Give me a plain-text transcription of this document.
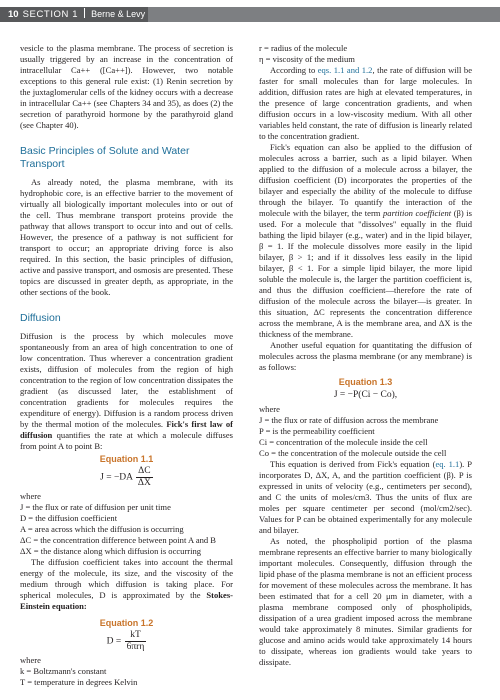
10 SECTION 1 Berne & Levy Physiology

vesicle to the plasma membrane. The process of secretion is usually triggered by an increase in the concentration of intracellular Ca++ ([Ca++]). However, two notable exceptions to this general rule exist: (1) Renin secretion by the juxtaglomerular cells of the kidney occurs with a decrease in intracellular Ca++ (see Chapters 34 and 35), as does (2) the secretion of parathyroid hormone by the parathyroid gland (see Chapter 40).

Basic Principles of Solute and Water Transport

As already noted, the plasma membrane, with its hydrophobic core, is an effective barrier to the movement of virtually all biologically important molecules into or out of the cell. Thus membrane transport proteins provide the pathway that allows transport to occur into and out of cells. However, the presence of a pathway is not sufficient for transport to occur; an appropriate driving force is also required. In this section, the basic principles of diffusion, active and passive transport, and osmosis are presented. These topics are discussed in greater depth, as appropriate, in the other sections of the book.

Diffusion

Diffusion is the process by which molecules move spontaneously from an area of high concentration to one of low concentration. Thus wherever a concentration gradient exists, diffusion of molecules from the region of high concentration to the region of low concentration dissipates the gradient (as discussed later, the establishment of concentration gradients for molecules requires the expenditure of energy). Diffusion is a random process driven by the thermal motion of the molecules. Fick's first law of diffusion quantifies the rate at which a molecule diffuses from point A to point B:

Equation 1.1
$J = -DA \frac{\Delta C}{\Delta X}$

where

J = the flux or rate of diffusion per unit time

D = the diffusion coefficient

A = area across which the diffusion is occurring

ΔC = the concentration difference between point A and B

ΔX = the distance along which diffusion is occurring

The diffusion coefficient takes into account the thermal energy of the molecule, its size, and the viscosity of the medium through which diffusion is taking place. For spherical molecules, D is approximated by the Stokes-Einstein equation:

Equation 1.2
$D = \frac{kT}{\text{6πrη}}$

where

k = Boltzmann's constant

T = temperature in degrees Kelvin

r = radius of the molecule

η = viscosity of the medium

According to eqs. 1.1 and 1.2, the rate of diffusion will be faster for small molecules than for large molecules. In addition, diffusion rates are high at elevated temperatures, in the presence of large concentration gradients, and when diffusion occurs in a low-viscosity medium. With all other variables held constant, the rate of diffusion is linearly related to the concentration gradient.

Fick's equation can also be applied to the diffusion of molecules across a barrier, such as a lipid bilayer. When applied to the diffusion of a molecule across a bilayer, the diffusion coefficient (D) incorporates the properties of the bilayer and especially the ability of the molecule to diffuse through the bilayer. To quantify the interaction of the molecule with the bilayer, the term partition coefficient (β) is used. For a molecule that "dissolves" equally in the fluid bathing the lipid bilayer (e.g., water) and in the lipid bilayer, β = 1. If the molecule dissolves more easily in the lipid bilayer, β > 1; and if it dissolves less easily in the lipid bilayer, β < 1. For a simple lipid bilayer, the more lipid soluble the molecule is, the larger the partition coefficient is, and thus the diffusion coefficient—therefore the rate of diffusion of the molecule across the bilayer—is greater. In this situation, ΔC represents the concentration difference across the membrane, A is the membrane area, and ΔX is the thickness of the membrane.

Another useful equation for quantitating the diffusion of molecules across the plasma membrane (or any membrane) is as follows:

Equation 1.3
J = −P(Ci − Co),

where

J = the flux or rate of diffusion across the membrane

P = is the permeability coefficient

Ci = concentration of the molecule inside the cell

Co = the concentration of the molecule outside the cell

This equation is derived from Fick's equation (eq. 1.1). P incorporates D, ΔX, A, and the partition coefficient (β). P is expressed in units of velocity (e.g., centimeters per second), and C the units of moles/cm3. Thus the units of flux are moles per square centimeter per second (mol/cm2/sec). Values for P can be obtained experimentally for any molecule and bilayer.

As noted, the phospholipid portion of the plasma membrane represents an effective barrier to many biologically important molecules. Consequently, diffusion through the lipid phase of the plasma membrane is not an efficient process for movement of these molecules across the membrane. It has been estimated that for a cell 20 μm in diameter, with a plasma membrane composed only of phospholipids, dissipation of a urea gradient imposed across the membrane would take approximately 8 minutes. Similar gradients for glucose and amino acids would take approximately 14 hours to dissipate, whereas ion gradients would take years to dissipate.
